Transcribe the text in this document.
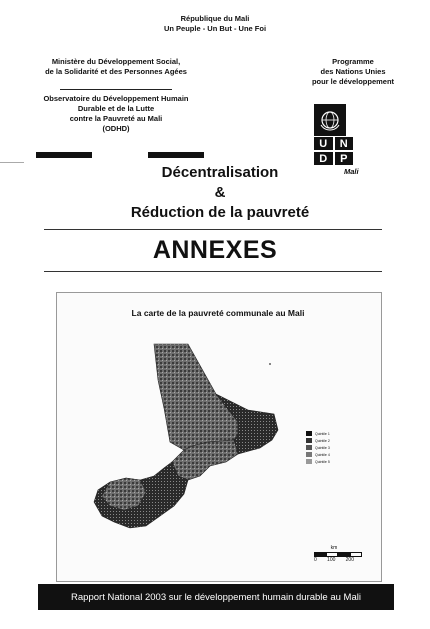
République du Mali
Un Peuple - Un But - Une Foi
Ministère du Développement Social,
de la Solidarité et des Personnes Agées
Observatoire du Développement Humain
Durable et de la Lutte
contre la Pauvreté au Mali
(ODHD)
Programme
des Nations Unies
pour le développement
U	N
D	P
Mali
Décentralisation
&
Réduction de la pauvreté
ANNEXES
La carte de la pauvreté communale au Mali
Quintile 1
Quintile 2
Quintile 3
Quintile 4
Quintile 5
km
0 100 200
Rapport National 2003 sur le développement humain durable au Mali
